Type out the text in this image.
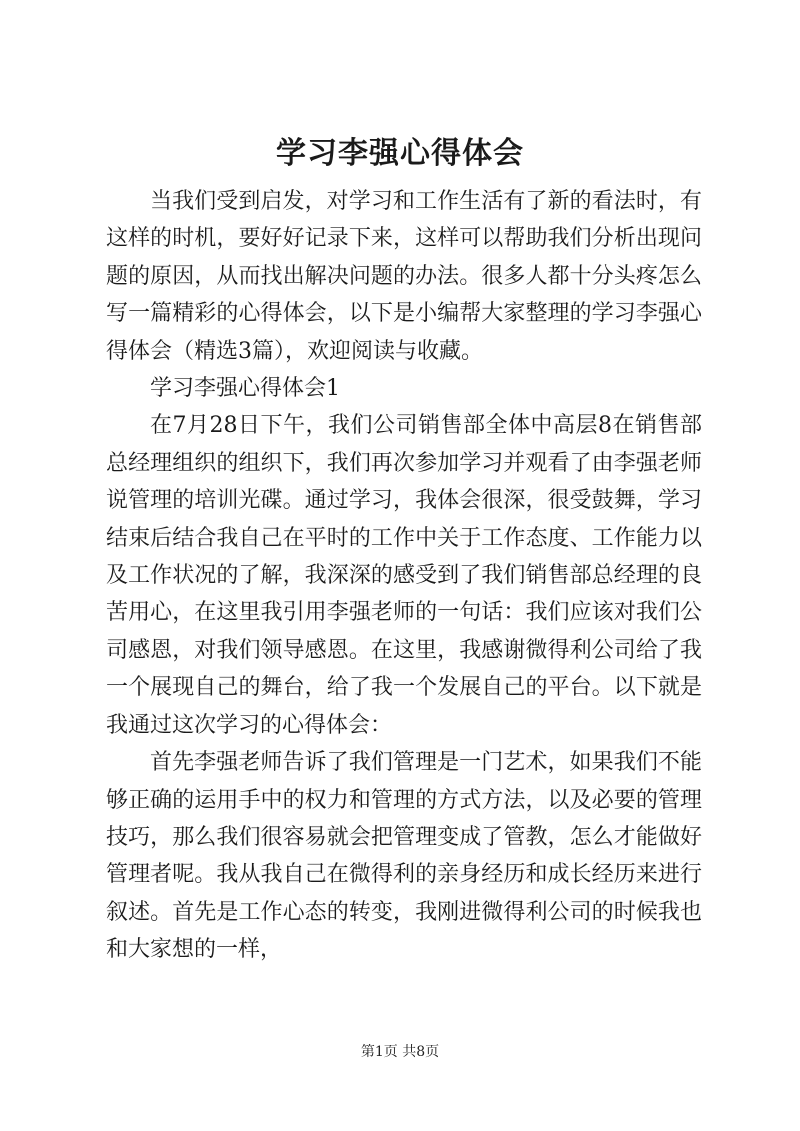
学习李强心得体会

当我们受到启发，对学习和工作生活有了新的看法时，有这样的时机，要好好记录下来，这样可以帮助我们分析出现问题的原因，从而找出解决问题的办法。很多人都十分头疼怎么写一篇精彩的心得体会，以下是小编帮大家整理的学习李强心得体会（精选3篇），欢迎阅读与收藏。

学习李强心得体会1

在7月28日下午，我们公司销售部全体中高层8在销售部总经理组织的组织下，我们再次参加学习并观看了由李强老师说管理的培训光碟。通过学习，我体会很深，很受鼓舞，学习结束后结合我自己在平时的工作中关于工作态度、工作能力以及工作状况的了解，我深深的感受到了我们销售部总经理的良苦用心，在这里我引用李强老师的一句话：我们应该对我们公司感恩，对我们领导感恩。在这里，我感谢微得利公司给了我一个展现自己的舞台，给了我一个发展自己的平台。以下就是我通过这次学习的心得体会：

首先李强老师告诉了我们管理是一门艺术，如果我们不能够正确的运用手中的权力和管理的方式方法，以及必要的管理技巧，那么我们很容易就会把管理变成了管教，怎么才能做好管理者呢。我从我自己在微得利的亲身经历和成长经历来进行叙述。首先是工作心态的转变，我刚进微得利公司的时候我也和大家想的一样，

第1页 共8页
